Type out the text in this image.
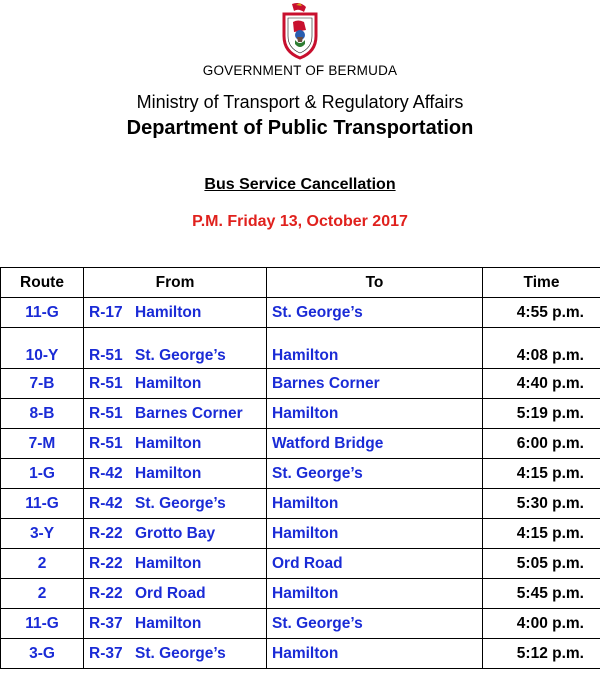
GOVERNMENT OF BERMUDA
Ministry of Transport & Regulatory Affairs
Department of Public Transportation
Bus Service Cancellation
P.M. Friday 13, October 2017
Route	From	To	Time
11-G	R-17 Hamilton	St. George’s	4:55 p.m.
10-Y	R-51 St. George’s	Hamilton	4:08 p.m.
7-B	R-51 Hamilton	Barnes Corner	4:40 p.m.
8-B	R-51 Barnes Corner	Hamilton	5:19 p.m.
7-M	R-51 Hamilton	Watford Bridge	6:00 p.m.
1-G	R-42 Hamilton	St. George’s	4:15 p.m.
11-G	R-42 St. George’s	Hamilton	5:30 p.m.
3-Y	R-22 Grotto Bay	Hamilton	4:15 p.m.
2	R-22 Hamilton	Ord Road	5:05 p.m.
2	R-22 Ord Road	Hamilton	5:45 p.m.
11-G	R-37 Hamilton	St. George’s	4:00 p.m.
3-G	R-37 St. George’s	Hamilton	5:12 p.m.
